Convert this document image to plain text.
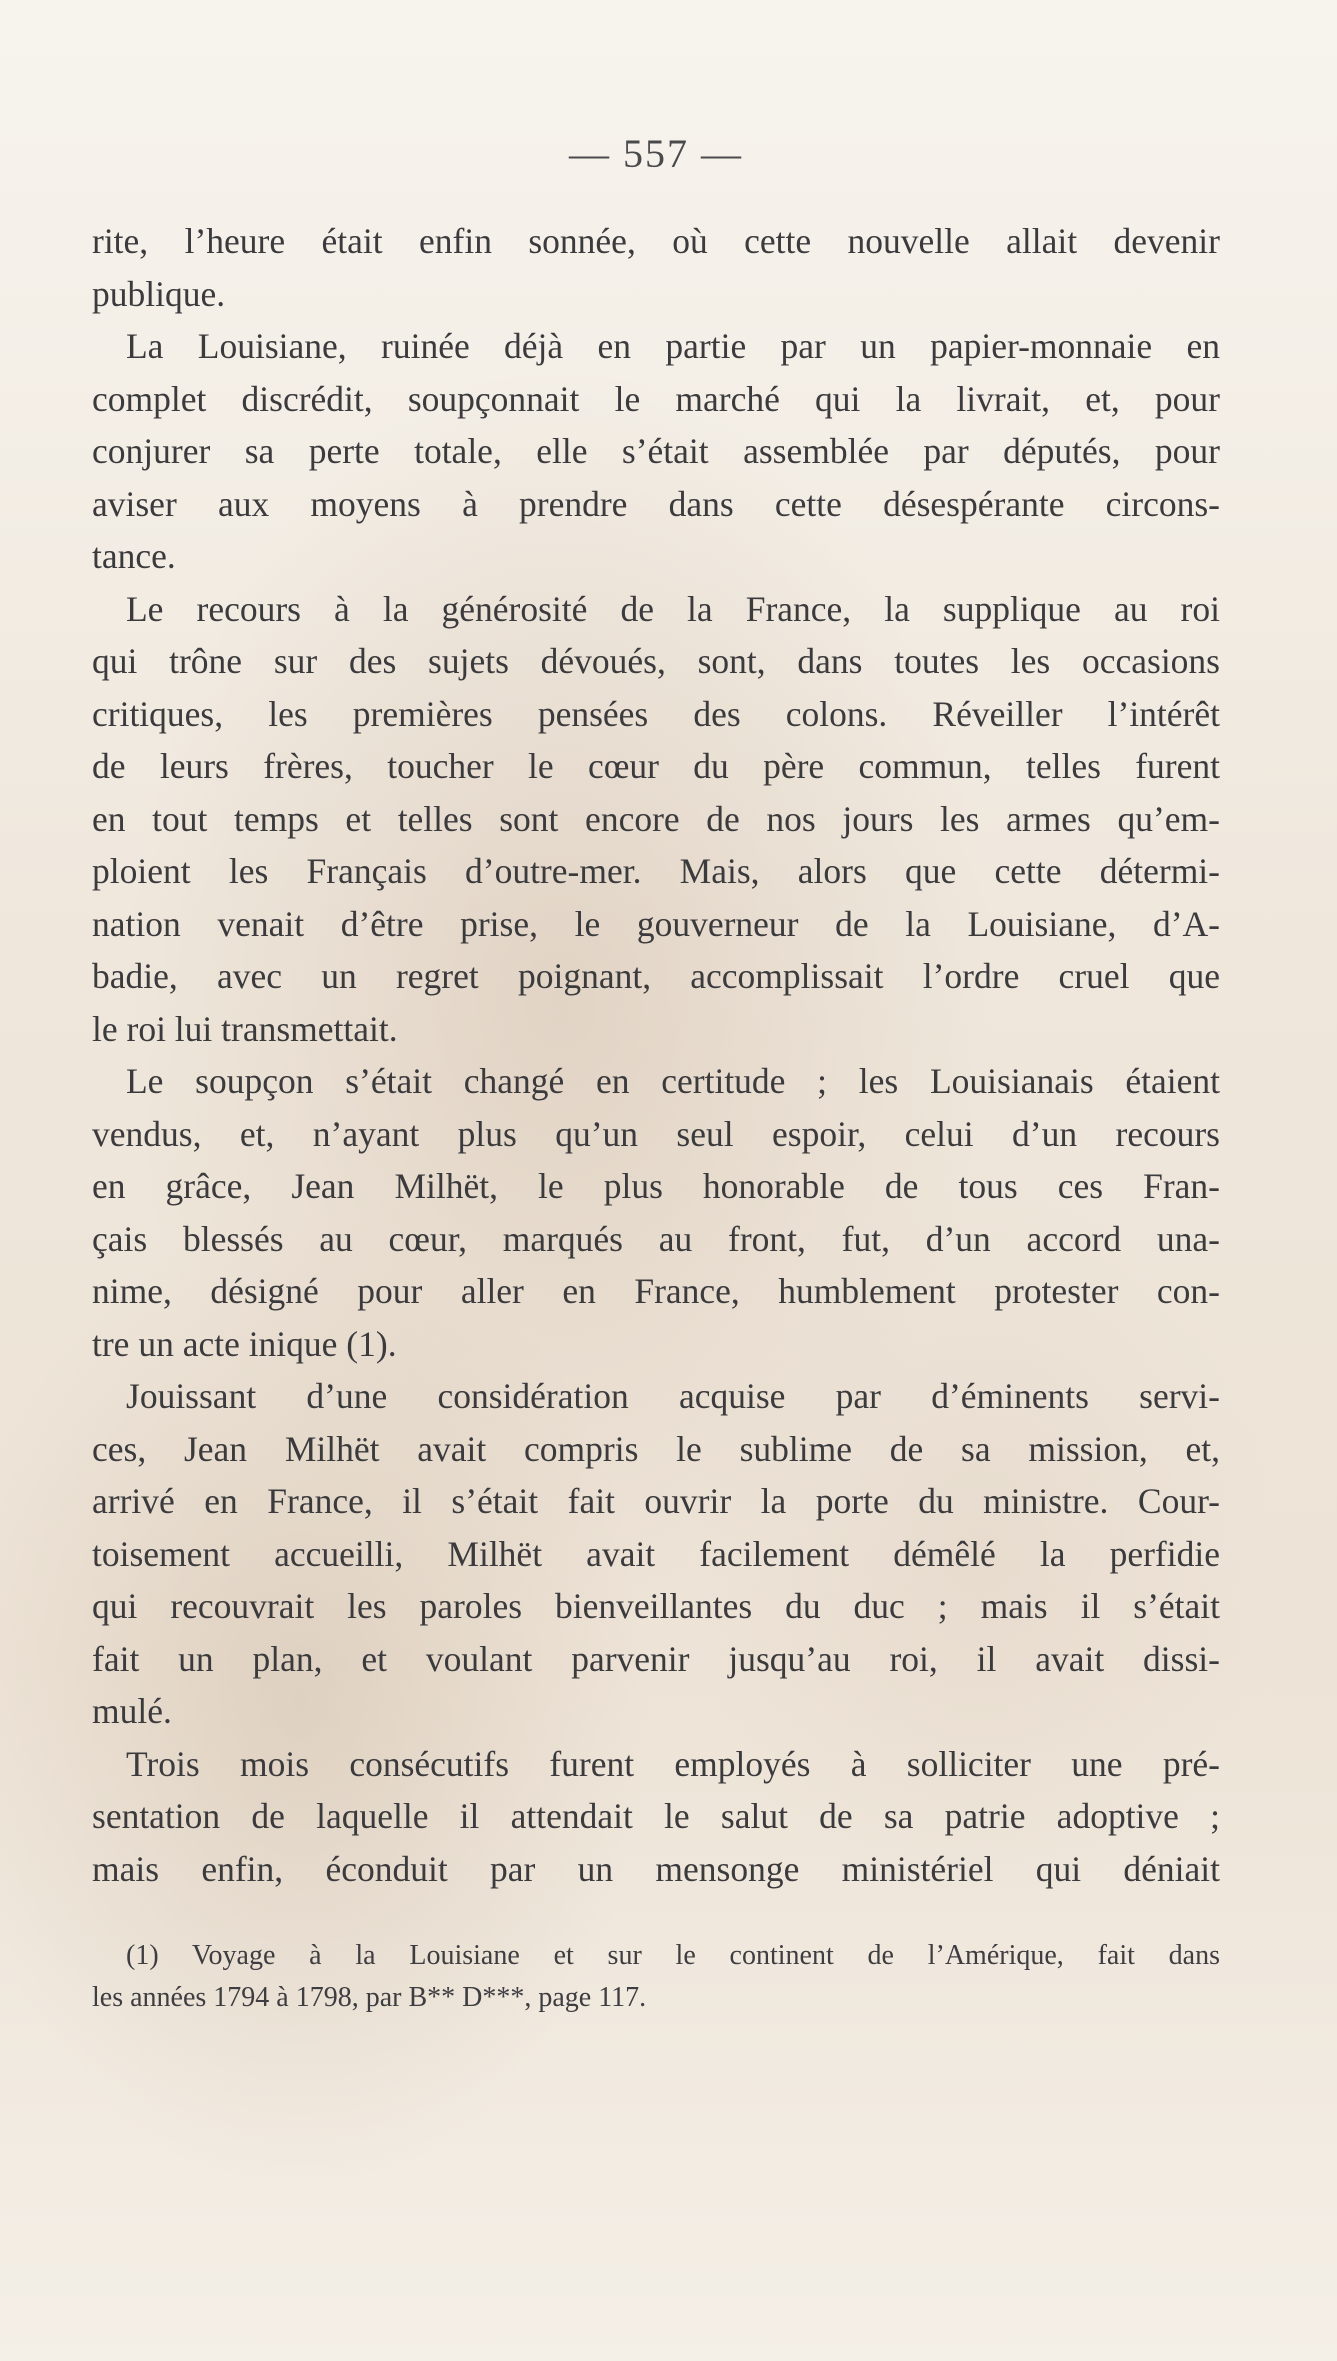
— 557 —

rite, l’heure était enfin sonnée, où cette nouvelle allait devenir
publique.

La Louisiane, ruinée déjà en partie par un papier-monnaie en
complet discrédit, soupçonnait le marché qui la livrait, et, pour
conjurer sa perte totale, elle s’était assemblée par députés, pour
aviser aux moyens à prendre dans cette désespérante circons-
tance.

Le recours à la générosité de la France, la supplique au roi
qui trône sur des sujets dévoués, sont, dans toutes les occasions
critiques, les premières pensées des colons. Réveiller l’intérêt
de leurs frères, toucher le cœur du père commun, telles furent
en tout temps et telles sont encore de nos jours les armes qu’em-
ploient les Français d’outre-mer. Mais, alors que cette détermi-
nation venait d’être prise, le gouverneur de la Louisiane, d’A-
badie, avec un regret poignant, accomplissait l’ordre cruel que
le roi lui transmettait.

Le soupçon s’était changé en certitude ; les Louisianais étaient
vendus, et, n’ayant plus qu’un seul espoir, celui d’un recours
en grâce, Jean Milhët, le plus honorable de tous ces Fran-
çais blessés au cœur, marqués au front, fut, d’un accord una-
nime, désigné pour aller en France, humblement protester con-
tre un acte inique (1).

Jouissant d’une considération acquise par d’éminents servi-
ces, Jean Milhët avait compris le sublime de sa mission, et,
arrivé en France, il s’était fait ouvrir la porte du ministre. Cour-
toisement accueilli, Milhët avait facilement démêlé la perfidie
qui recouvrait les paroles bienveillantes du duc ; mais il s’était
fait un plan, et voulant parvenir jusqu’au roi, il avait dissi-
mulé.

Trois mois consécutifs furent employés à solliciter une pré-
sentation de laquelle il attendait le salut de sa patrie adoptive ;
mais enfin, éconduit par un mensonge ministériel qui déniait

(1) Voyage à la Louisiane et sur le continent de l’Amérique, fait dans
les années 1794 à 1798, par B** D***, page 117.
